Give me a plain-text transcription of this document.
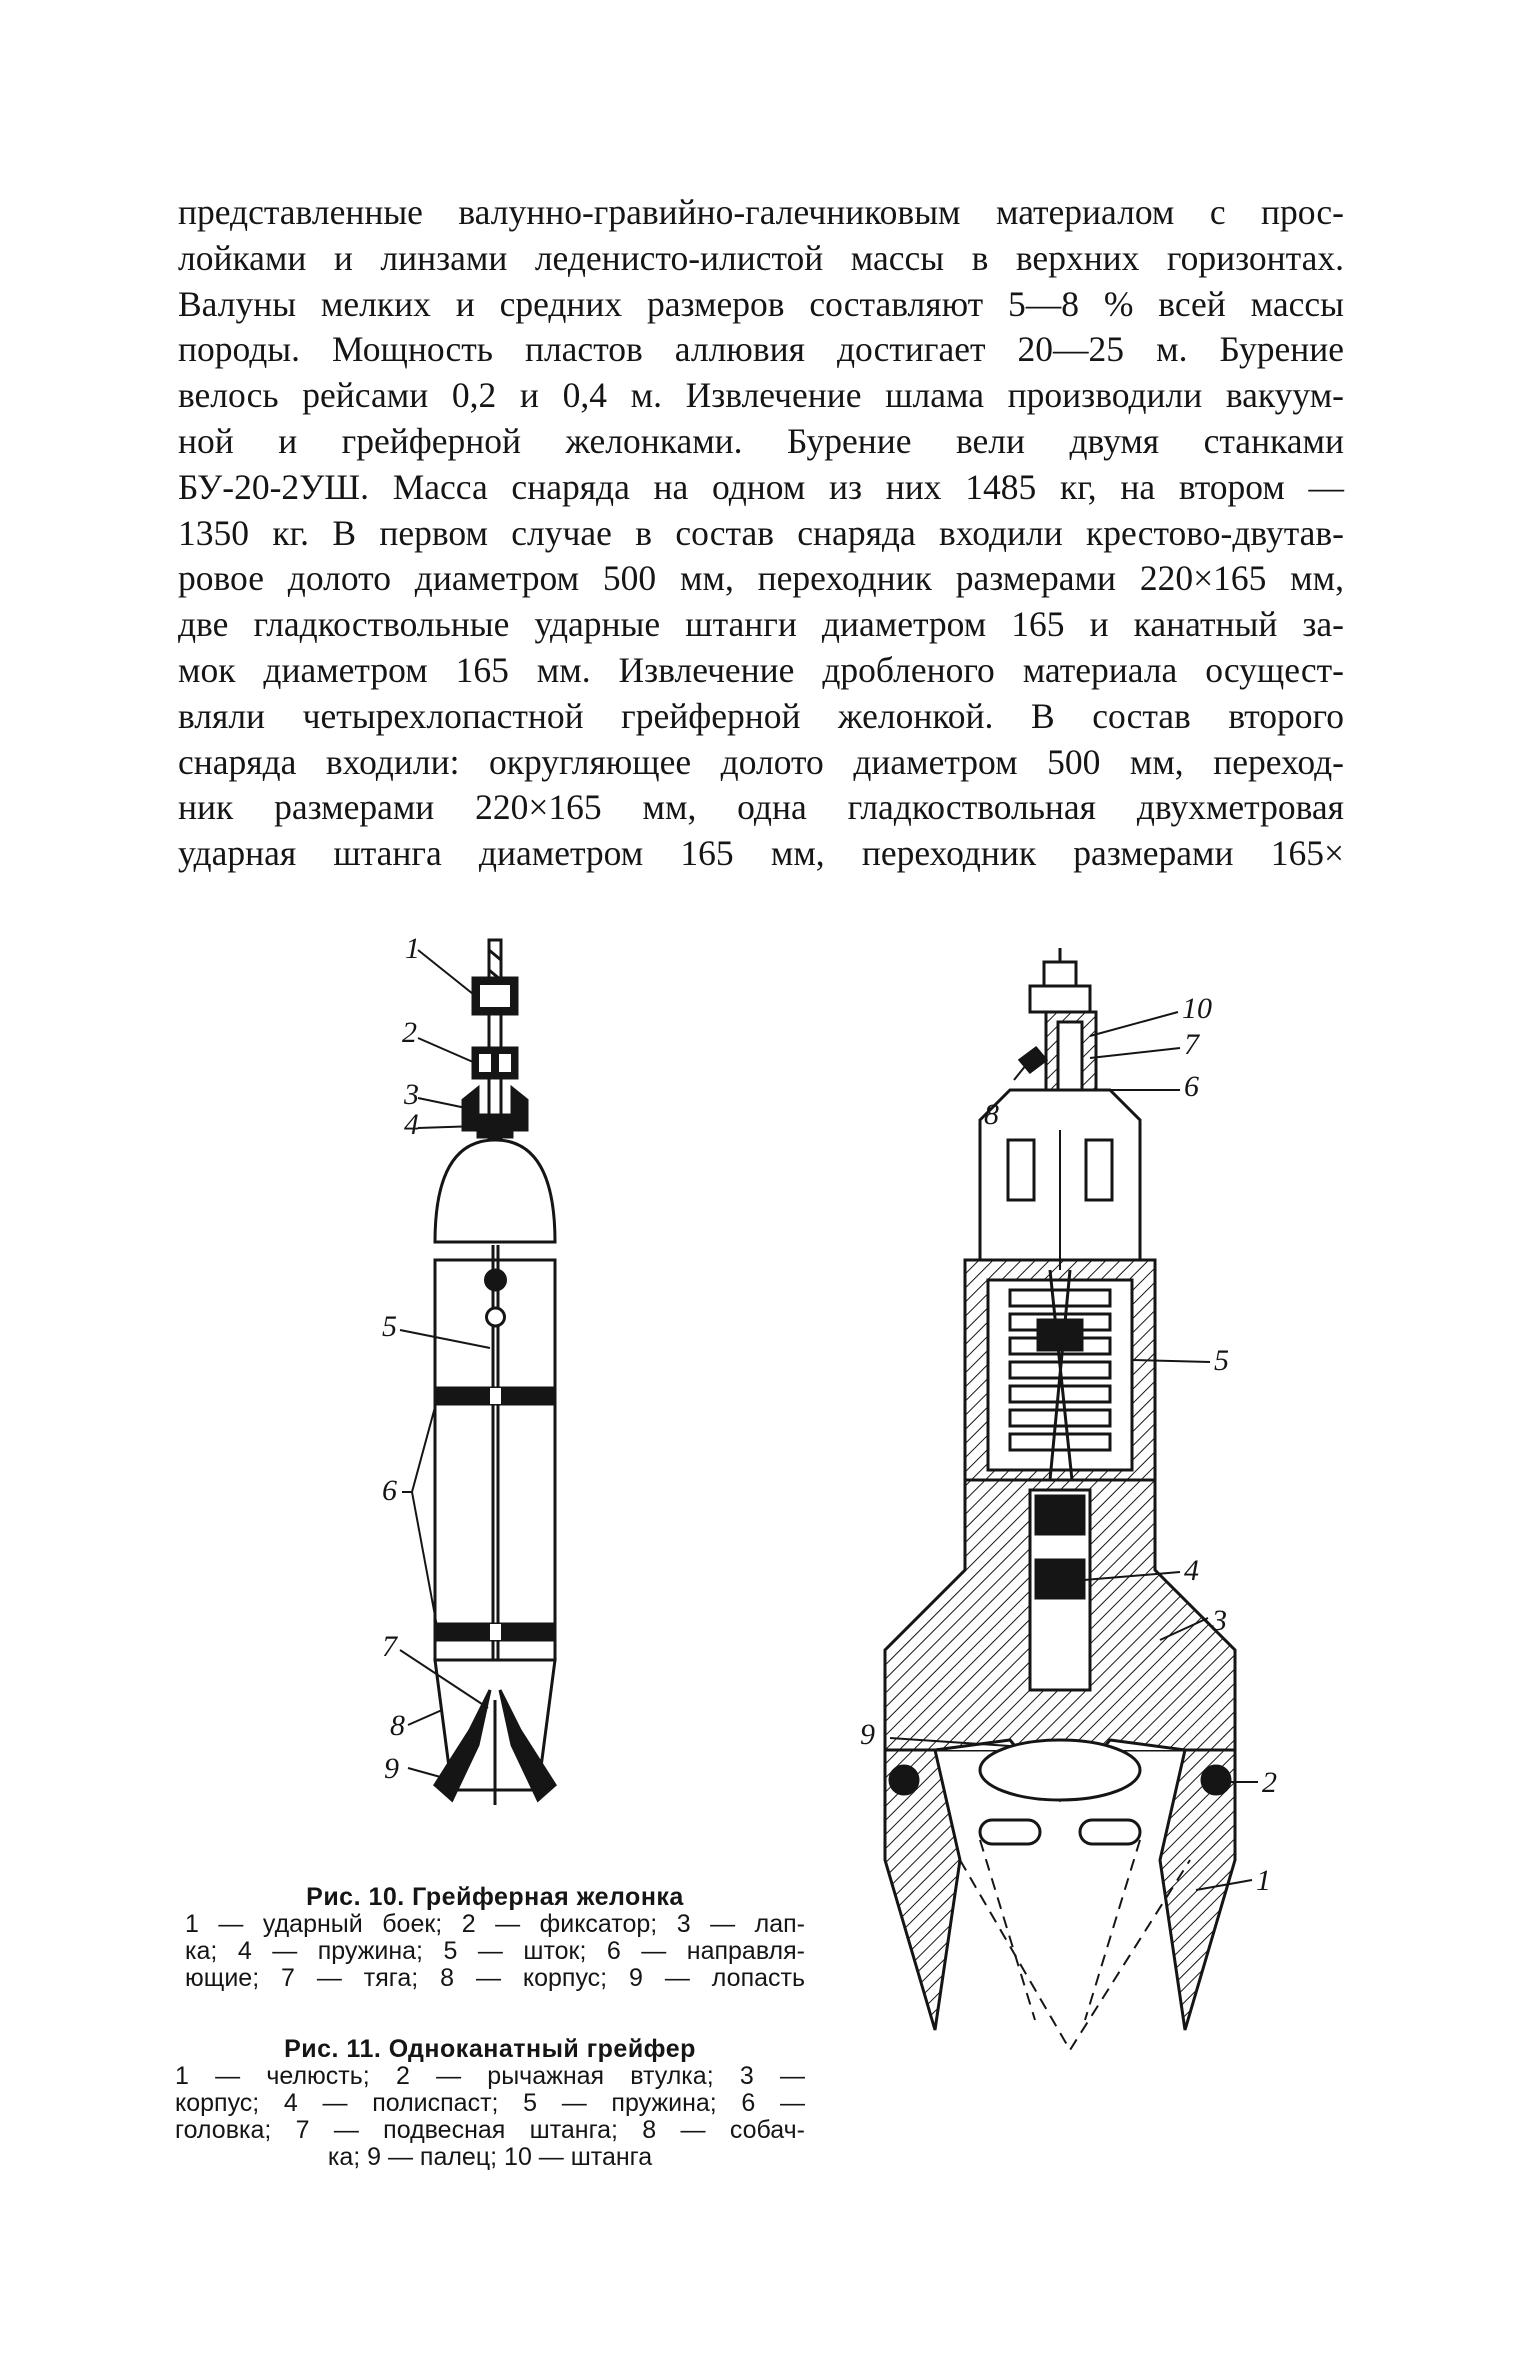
представленные валунно-гравийно-галечниковым материалом с прос-
лойками и линзами леденисто-илистой массы в верхних горизонтах.
Валуны мелких и средних размеров составляют 5—8 % всей массы
породы. Мощность пластов аллювия достигает 20—25 м. Бурение
велось рейсами 0,2 и 0,4 м. Извлечение шлама производили вакуум-
ной и грейферной желонками. Бурение вели двумя станками
БУ-20-2УШ. Масса снаряда на одном из них 1485 кг, на втором —
1350 кг. В первом случае в состав снаряда входили крестово-двутав-
ровое долото диаметром 500 мм, переходник размерами 220×165 мм,
две гладкоствольные ударные штанги диаметром 165 и канатный за-
мок диаметром 165 мм. Извлечение дробленого материала осущест-
вляли четырехлопастной грейферной желонкой. В состав второго
снаряда входили: округляющее долото диаметром 500 мм, переход-
ник размерами 220×165 мм, одна гладкоствольная двухметровая
ударная штанга диаметром 165 мм, переходник размерами 165×
1
2
3
4
5
6
7
8
9
10
7
6
8
5
4
3
9
2
1
Рис. 10. Грейферная желонка
1 — ударный боек; 2 — фиксатор; 3 — лап-
ка; 4 — пружина; 5 — шток; 6 — направля-
ющие; 7 — тяга; 8 — корпус; 9 — лопасть
Рис. 11. Одноканатный грейфер
1 — челюсть; 2 — рычажная втулка; 3 —
корпус; 4 — полиспаст; 5 — пружина; 6 —
головка; 7 — подвесная штанга; 8 — собач-
ка; 9 — палец; 10 — штанга
